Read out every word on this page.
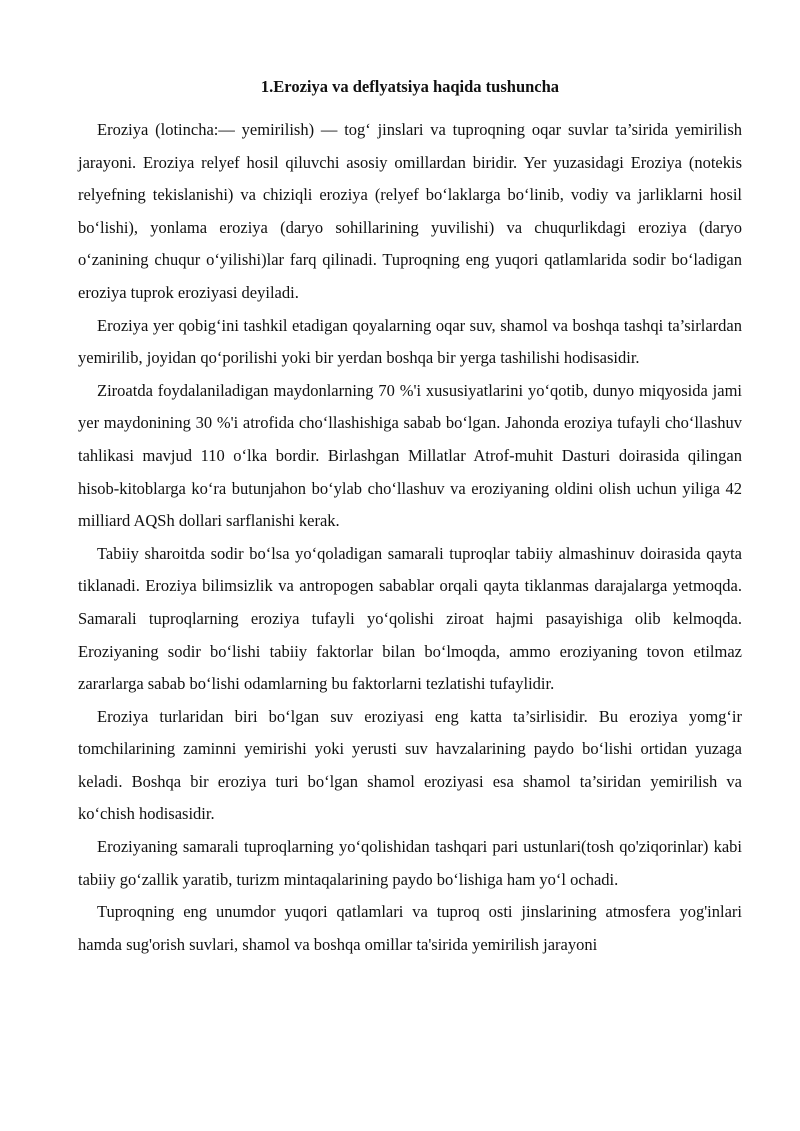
1.Eroziya va deflyatsiya haqida tushuncha

Eroziya (lotincha:— yemirilish) — tog‘ jinslari va tuproqning oqar suvlar ta’sirida yemirilish jarayoni. Eroziya relyef hosil qiluvchi asosiy omillardan biridir. Yer yuzasidagi Eroziya (notekis relyefning tekislanishi) va chiziqli eroziya (relyef bo‘laklarga bo‘linib, vodiy va jarliklarni hosil bo‘lishi), yonlama eroziya (daryo sohillarining yuvilishi) va chuqurlikdagi eroziya (daryo o‘zanining chuqur o‘yilishi)lar farq qilinadi. Tuproqning eng yuqori qatlamlarida sodir bo‘ladigan eroziya tuprok eroziyasi deyiladi.

Eroziya yer qobig‘ini tashkil etadigan qoyalarning oqar suv, shamol va boshqa tashqi ta’sirlardan yemirilib, joyidan qo‘porilishi yoki bir yerdan boshqa bir yerga tashilishi hodisasidir.

Ziroatda foydalaniladigan maydonlarning 70 %'i xususiyatlarini yo‘qotib, dunyo miqyosida jami yer maydonining 30 %'i atrofida cho‘llashishiga sabab bo‘lgan. Jahonda eroziya tufayli cho‘llashuv tahlikasi mavjud 110 o‘lka bordir. Birlashgan Millatlar Atrof-muhit Dasturi doirasida qilingan hisob-kitoblarga ko‘ra butunjahon bo‘ylab cho‘llashuv va eroziyaning oldini olish uchun yiliga 42 milliard AQSh dollari sarflanishi kerak.

Tabiiy sharoitda sodir bo‘lsa yo‘qoladigan samarali tuproqlar tabiiy almashinuv doirasida qayta tiklanadi. Eroziya bilimsizlik va antropogen sabablar orqali qayta tiklanmas darajalarga yetmoqda. Samarali tuproqlarning eroziya tufayli yo‘qolishi ziroat hajmi pasayishiga olib kelmoqda. Eroziyaning sodir bo‘lishi tabiiy faktorlar bilan bo‘lmoqda, ammo eroziyaning tovon etilmaz zararlarga sabab bo‘lishi odamlarning bu faktorlarni tezlatishi tufaylidir.

Eroziya turlaridan biri bo‘lgan suv eroziyasi eng katta ta’sirlisidir. Bu eroziya yomg‘ir tomchilarining zaminni yemirishi yoki yerusti suv havzalarining paydo bo‘lishi ortidan yuzaga keladi. Boshqa bir eroziya turi bo‘lgan shamol eroziyasi esa shamol ta’siridan yemirilish va ko‘chish hodisasidir.

Eroziyaning samarali tuproqlarning yo‘qolishidan tashqari pari ustunlari(tosh qo'ziqorinlar) kabi tabiiy go‘zallik yaratib, turizm mintaqalarining paydo bo‘lishiga ham yo‘l ochadi.

Tuproqning eng unumdor yuqori qatlamlari va tuproq osti jinslarining atmosfera yog'inlari hamda sug'orish suvlari, shamol va boshqa omillar ta'sirida yemirilish jarayoni
